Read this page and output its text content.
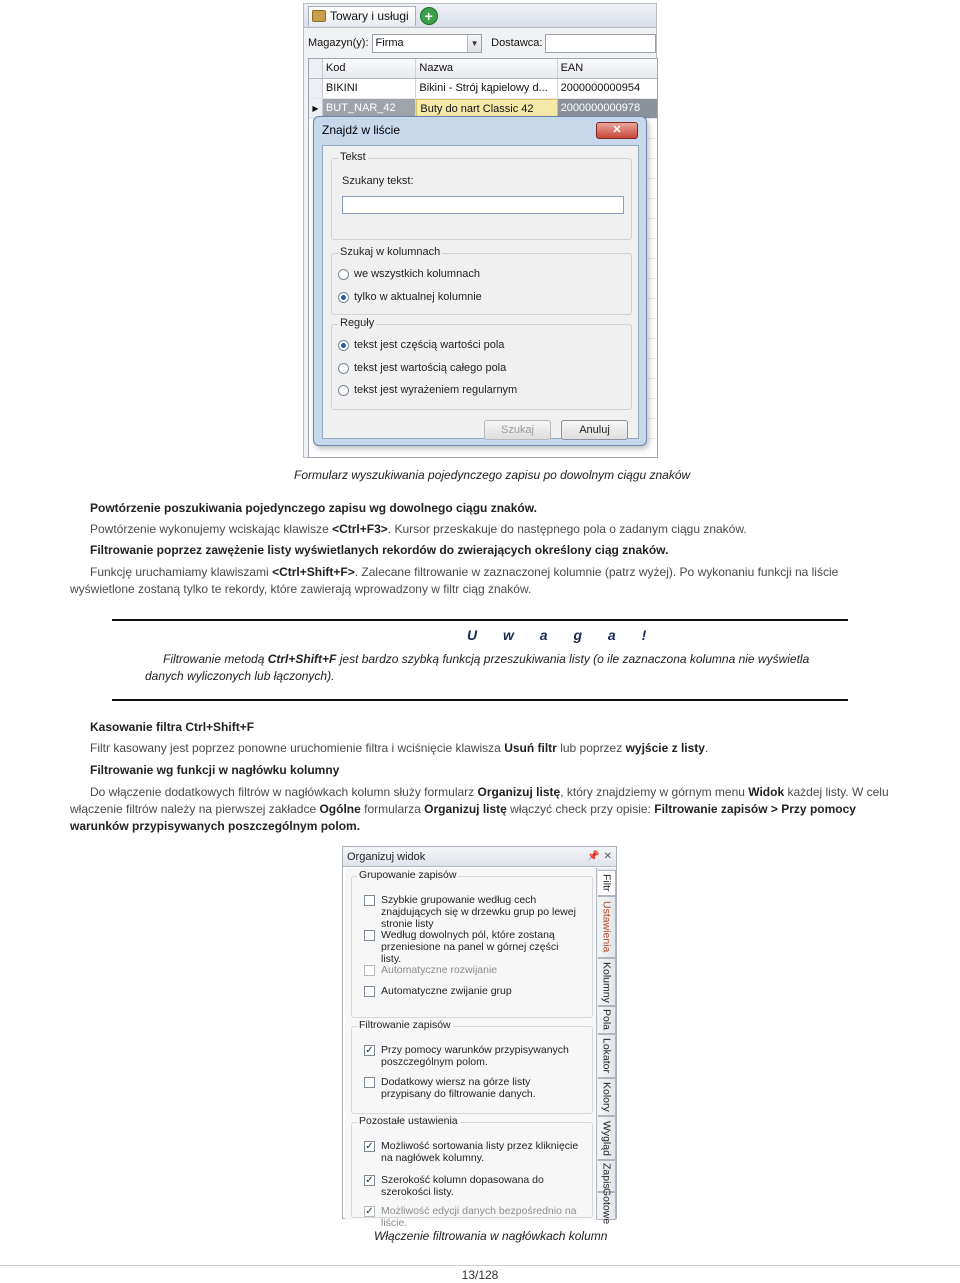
Towary i usługi	+
Magazyn(y): Firma	▼ Dostawca:
Kod	Nazwa	EAN
BIKINI	Bikini - Strój kąpielowy d...	2000000000954
▶ BUT_NAR_42	Buty do nart Classic 42	2000000000978
Znajdź w liście	✕
Tekst
Szukany tekst:
Szukaj w kolumnach
we wszystkich kolumnach
tylko w aktualnej kolumnie
Reguły
tekst jest częścią wartości pola
tekst jest wartością całego pola
tekst jest wyrażeniem regularnym
Szukaj	Anuluj
Formularz wyszukiwania pojedynczego zapisu po dowolnym ciągu znaków
Powtórzenie poszukiwania pojedynczego zapisu wg dowolnego ciągu znaków.
Powtórzenie wykonujemy wciskając klawisze <Ctrl+F3>. Kursor przeskakuje do następnego pola o zadanym ciągu znaków.
Filtrowanie poprzez zawężenie listy wyświetlanych rekordów do zwierających określony ciąg znaków.
Funkcję uruchamiamy klawiszami <Ctrl+Shift+F>. Zalecane filtrowanie w zaznaczonej kolumnie (patrz wyżej). Po wykonaniu funkcji na liście wyświetlone zostaną tylko te rekordy, które zawierają wprowadzony w filtr ciąg znaków.
U w a g a !
Filtrowanie metodą Ctrl+Shift+F jest bardzo szybką funkcją przeszukiwania listy (o ile zaznaczona kolumna nie wyświetla danych wyliczonych lub łączonych).
Kasowanie filtra Ctrl+Shift+F
Filtr kasowany jest poprzez ponowne uruchomienie filtra i wciśnięcie klawisza Usuń filtr lub poprzez wyjście z listy.
Filtrowanie wg funkcji w nagłówku kolumny
Do włączenie dodatkowych filtrów w nagłówkach kolumn służy formularz Organizuj listę, który znajdziemy w górnym menu Widok każdej listy. W celu włączenie filtrów należy na pierwszej zakładce Ogólne formularza Organizuj listę włączyć check przy opisie: Filtrowanie zapisów > Przy pomocy warunków przypisywanych poszczególnym polom.
Organizuj widok	📌 ✕
Grupowanie zapisów
Szybkie grupowanie według cech znajdujących się w drzewku grup po lewej stronie listy
Według dowolnych pól, które zostaną przeniesione na panel w górnej części listy.
Automatyczne rozwijanie
Automatyczne zwijanie grup
Filtrowanie zapisów
✓ Przy pomocy warunków przypisywanych poszczególnym polom.
Dodatkowy wiersz na górze listy przypisany do filtrowanie danych.
Pozostałe ustawienia
✓ Możliwość sortowania listy przez kliknięcie na nagłówek kolumny.
✓ Szerokość kolumn dopasowana do szerokości listy.
✓ Możliwość edycji danych bezpośrednio na liście.
Filtr
Ustawienia
Kolumny
Pola
Lokator
Kolory
Wygląd
Zapis
Gotowe
Włączenie filtrowania w nagłówkach kolumn
13/128
